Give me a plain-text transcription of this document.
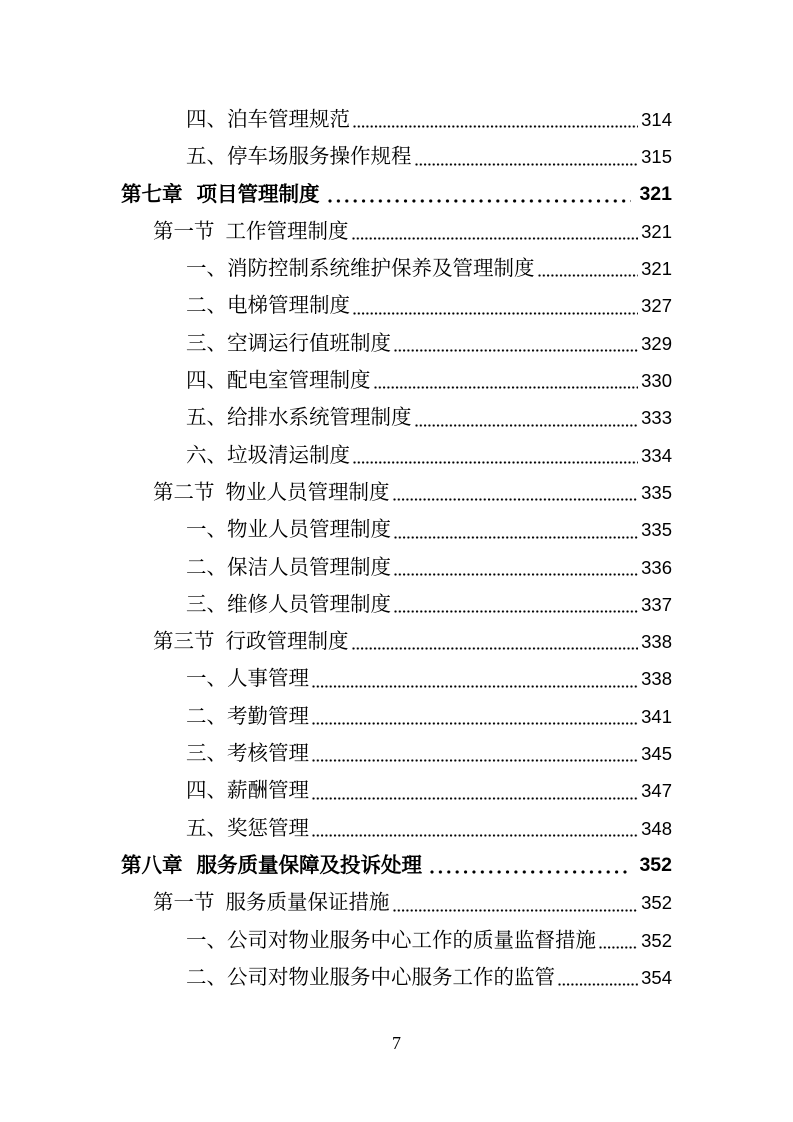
四、 泊车管理规范	314
五、 停车场服务操作规程	315
第七章 项目管理制度	321
第一节 工作管理制度	321
一、 消防控制系统维护保养及管理制度	321
二、 电梯管理制度	327
三、 空调运行值班制度	329
四、 配电室管理制度	330
五、 给排水系统管理制度	333
六、 垃圾清运制度	334
第二节 物业人员管理制度	335
一、 物业人员管理制度	335
二、 保洁人员管理制度	336
三、 维修人员管理制度	337
第三节 行政管理制度	338
一、 人事管理	338
二、 考勤管理	341
三、 考核管理	345
四、 薪酬管理	347
五、 奖惩管理	348
第八章 服务质量保障及投诉处理	352
第一节 服务质量保证措施	352
一、 公司对物业服务中心工作的质量监督措施 352
二、 公司对物业服务中心服务工作的监管	354
7
